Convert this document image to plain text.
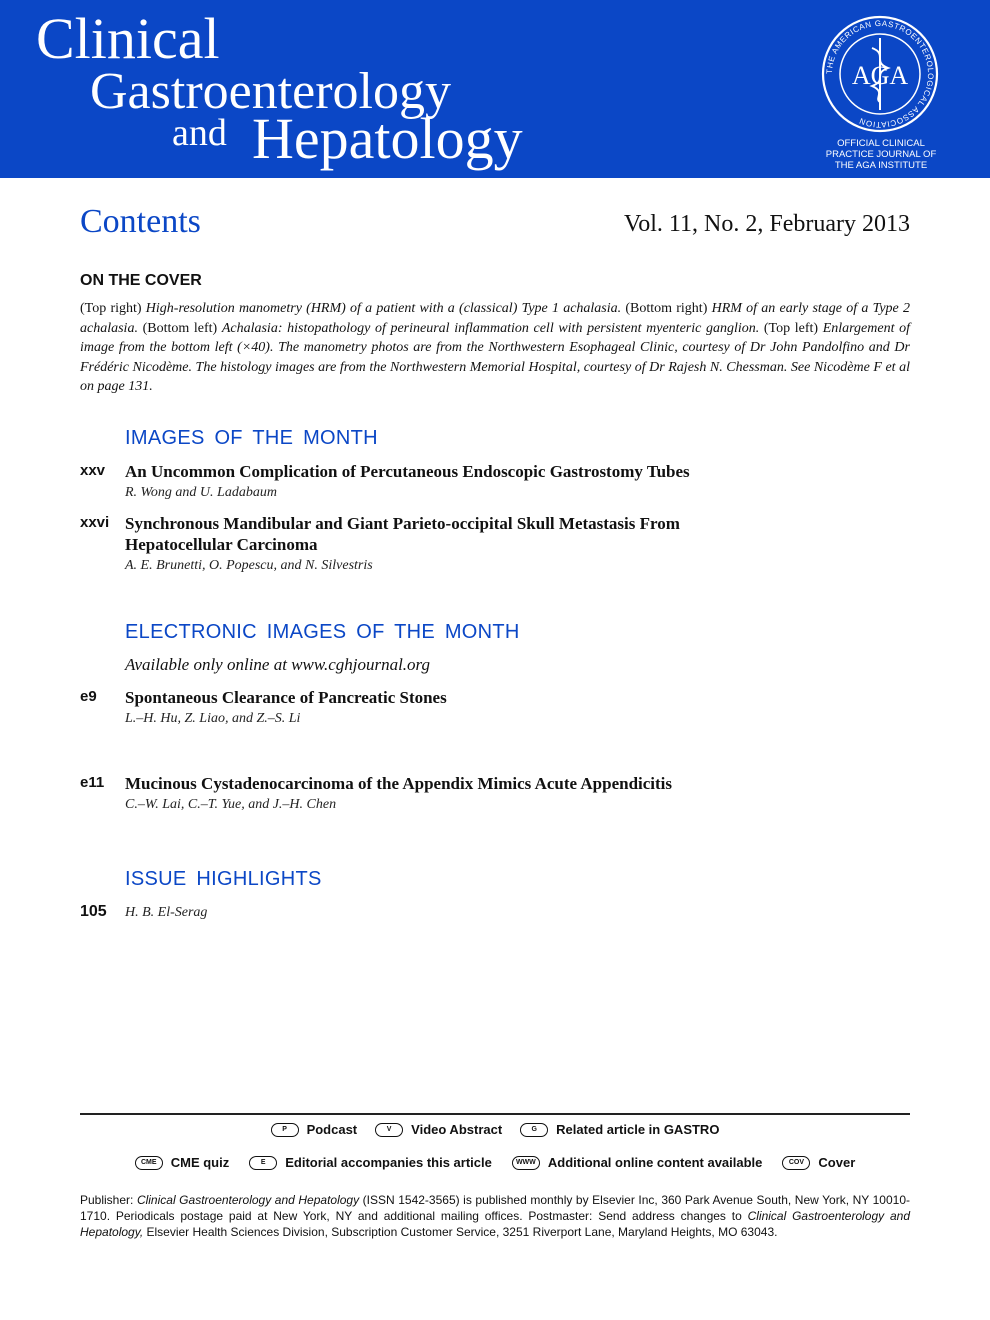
Clinical
Gastroenterology
and Hepatology
THE AMERICAN GASTROENTEROLOGICAL ASSOCIATION
AGA
OFFICIAL CLINICAL
PRACTICE JOURNAL OF
THE AGA INSTITUTE
Contents	Vol. 11, No. 2, February 2013
ON THE COVER
(Top right) High-resolution manometry (HRM) of a patient with a (classical) Type 1 achalasia. (Bottom right) HRM of an early stage of a Type 2 achalasia. (Bottom left) Achalasia: histopathology of perineural inflammation cell with persistent myenteric ganglion. (Top left) Enlargement of image from the bottom left (×40). The manometry photos are from the Northwestern Esophageal Clinic, courtesy of Dr John Pandolfino and Dr Frédéric Nicodème. The histology images are from the Northwestern Memorial Hospital, courtesy of Dr Rajesh N. Chessman. See Nicodème F et al on page 131.
IMAGES OF THE MONTH
xxv An Uncommon Complication of Percutaneous Endoscopic Gastrostomy Tubes
R. Wong and U. Ladabaum
xxvi Synchronous Mandibular and Giant Parieto-occipital Skull Metastasis From Hepatocellular Carcinoma
A. E. Brunetti, O. Popescu, and N. Silvestris
ELECTRONIC IMAGES OF THE MONTH
Available only online at www.cghjournal.org
e9 Spontaneous Clearance of Pancreatic Stones
L.–H. Hu, Z. Liao, and Z.–S. Li
e11 Mucinous Cystadenocarcinoma of the Appendix Mimics Acute Appendicitis
C.–W. Lai, C.–T. Yue, and J.–H. Chen
ISSUE HIGHLIGHTS
105 H. B. El-Serag
P	Podcast	V	Video Abstract	G	Related article in GASTRO
CME	CME quiz	E	Editorial accompanies this article	WWW Additional online content available	COV	Cover
Publisher: Clinical Gastroenterology and Hepatology (ISSN 1542-3565) is published monthly by Elsevier Inc, 360 Park Avenue South, New York, NY 10010-1710. Periodicals postage paid at New York, NY and additional mailing offices. Postmaster: Send address changes to Clinical Gastroenterology and Hepatology, Elsevier Health Sciences Division, Subscription Customer Service, 3251 Riverport Lane, Maryland Heights, MO 63043.
